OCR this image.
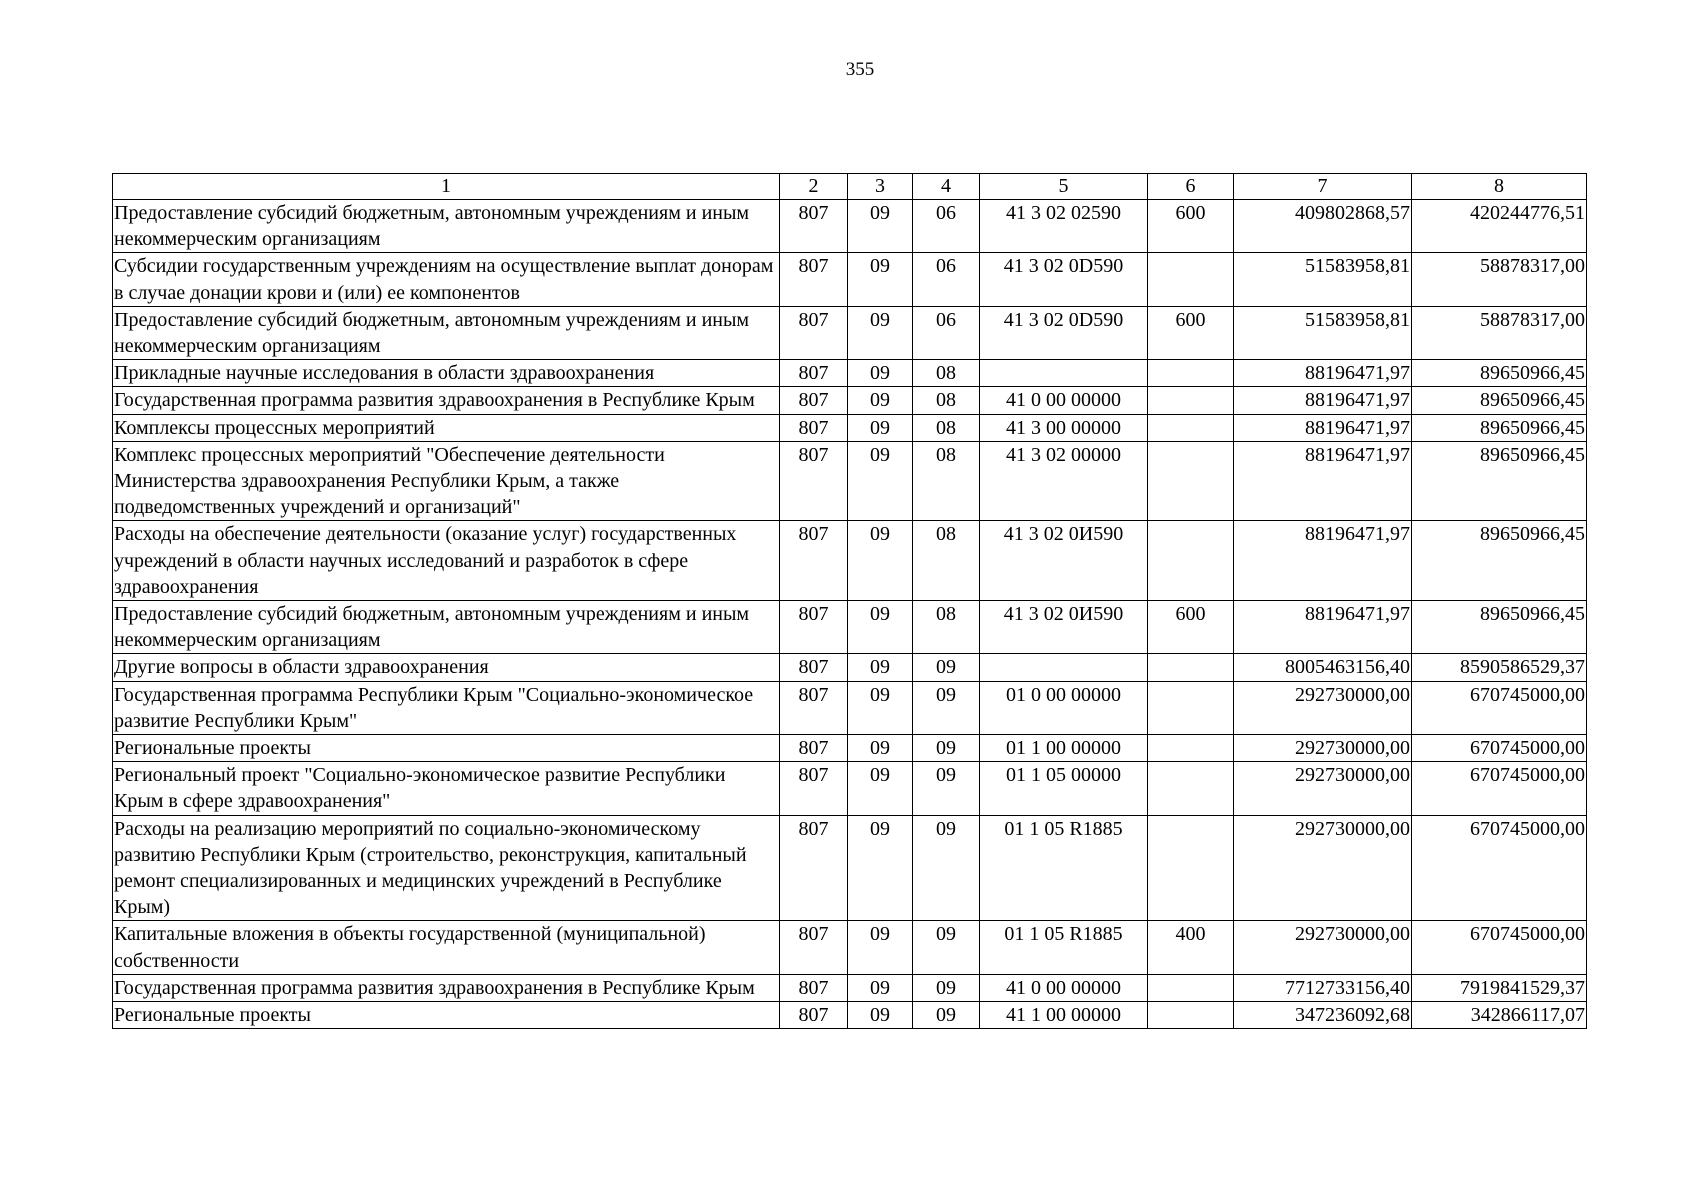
355
1	2	3	4	5	6	7	8
Предоставление субсидий бюджетным, автономным учреждениям и иным некоммерческим организациям	807	09	06	41 3 02 02590	600	409802868,57	420244776,51
Субсидии государственным учреждениям на осуществление выплат донорам в случае донации крови и (или) ее компонентов	807	09	06	41 3 02 0D590		51583958,81	58878317,00
Предоставление субсидий бюджетным, автономным учреждениям и иным некоммерческим организациям	807	09	06	41 3 02 0D590	600	51583958,81	58878317,00
Прикладные научные исследования в области здравоохранения	807	09	08			88196471,97	89650966,45
Государственная программа развития здравоохранения в Республике Крым	807	09	08	41 0 00 00000		88196471,97	89650966,45
Комплексы процессных мероприятий	807	09	08	41 3 00 00000		88196471,97	89650966,45
Комплекс процессных мероприятий "Обеспечение деятельности Министерства здравоохранения Республики Крым, а также подведомственных учреждений и организаций"	807	09	08	41 3 02 00000		88196471,97	89650966,45
Расходы на обеспечение деятельности (оказание услуг) государственных учреждений в области научных исследований и разработок в сфере здравоохранения	807	09	08	41 3 02 0И590		88196471,97	89650966,45
Предоставление субсидий бюджетным, автономным учреждениям и иным некоммерческим организациям	807	09	08	41 3 02 0И590	600	88196471,97	89650966,45
Другие вопросы в области здравоохранения	807	09	09			8005463156,40	8590586529,37
Государственная программа Республики Крым "Социально-экономическое развитие Республики Крым"	807	09	09	01 0 00 00000		292730000,00	670745000,00
Региональные проекты	807	09	09	01 1 00 00000		292730000,00	670745000,00
Региональный проект "Социально-экономическое развитие Республики Крым в сфере здравоохранения"	807	09	09	01 1 05 00000		292730000,00	670745000,00
Расходы на реализацию мероприятий по социально-экономическому развитию Республики Крым (строительство, реконструкция, капитальный ремонт специализированных и медицинских учреждений в Республике Крым)	807	09	09	01 1 05 R1885		292730000,00	670745000,00
Капитальные вложения в объекты государственной (муниципальной) собственности	807	09	09	01 1 05 R1885	400	292730000,00	670745000,00
Государственная программа развития здравоохранения в Республике Крым	807	09	09	41 0 00 00000		7712733156,40	7919841529,37
Региональные проекты	807	09	09	41 1 00 00000		347236092,68	342866117,07
